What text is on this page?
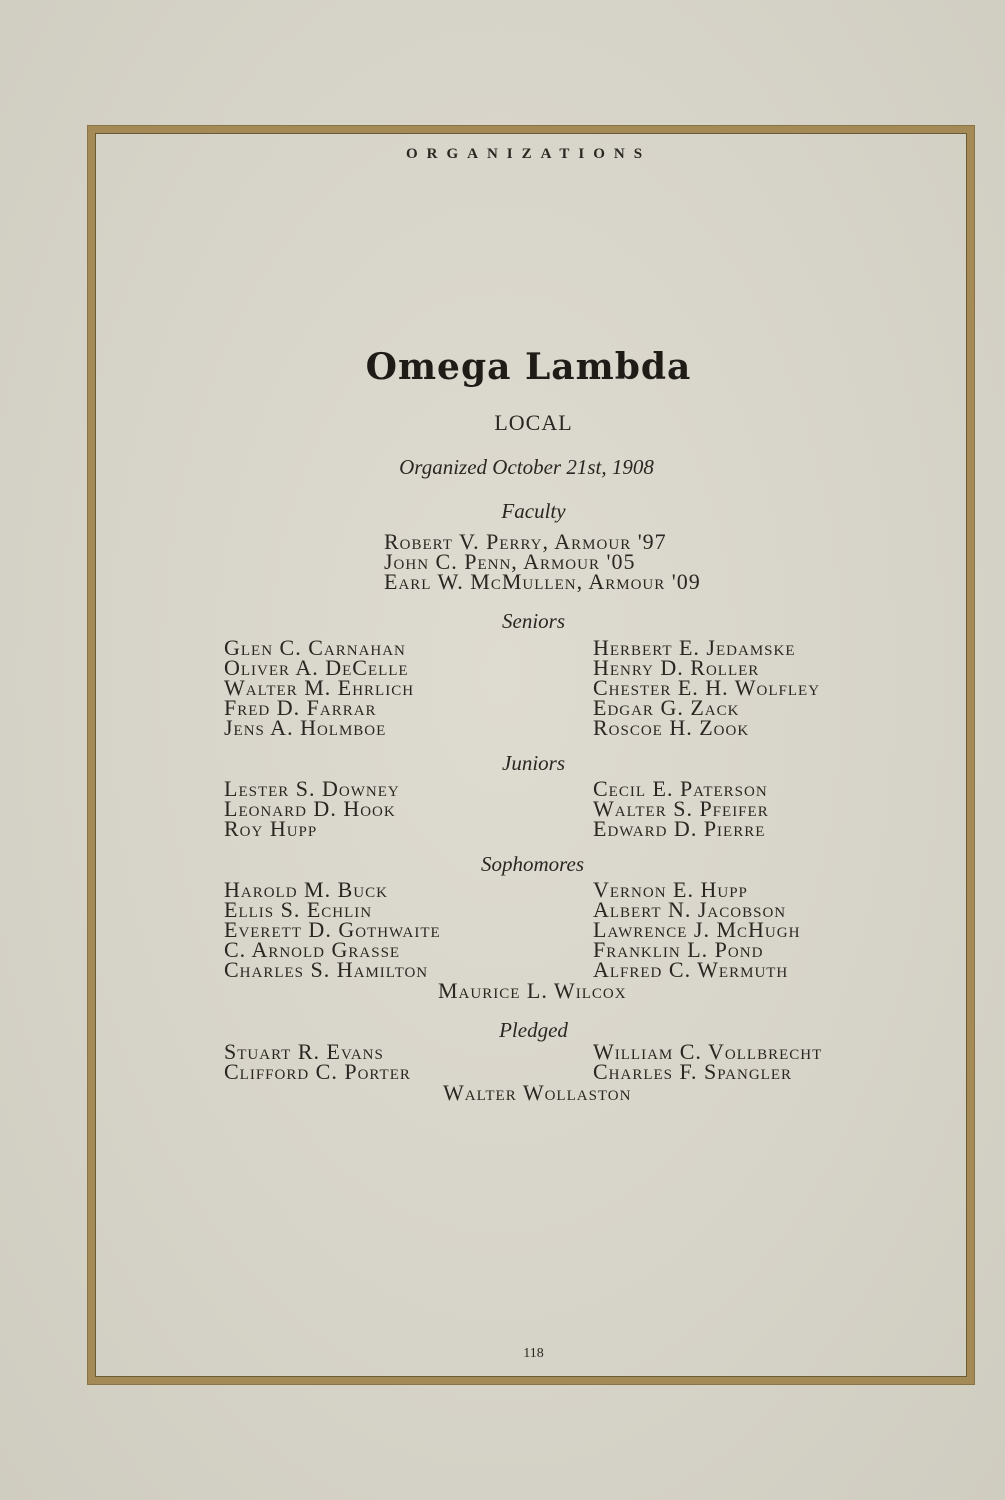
ORGANIZATIONS
Omega Lambda
LOCAL
Organized October 21st, 1908
Faculty
Robert V. Perry, Armour '97
John C. Penn, Armour '05
Earl W. McMullen, Armour '09
Seniors
Glen C. Carnahan
Oliver A. DeCelle
Walter M. Ehrlich
Fred D. Farrar
Jens A. Holmboe
Herbert E. Jedamske
Henry D. Roller
Chester E. H. Wolfley
Edgar G. Zack
Roscoe H. Zook
Juniors
Lester S. Downey
Leonard D. Hook
Roy Hupp
Cecil E. Paterson
Walter S. Pfeifer
Edward D. Pierre
Sophomores
Harold M. Buck
Ellis S. Echlin
Everett D. Gothwaite
C. Arnold Grasse
Charles S. Hamilton
Vernon E. Hupp
Albert N. Jacobson
Lawrence J. McHugh
Franklin L. Pond
Alfred C. Wermuth
Maurice L. Wilcox
Pledged
Stuart R. Evans
Clifford C. Porter
William C. Vollbrecht
Charles F. Spangler
Walter Wollaston
118
